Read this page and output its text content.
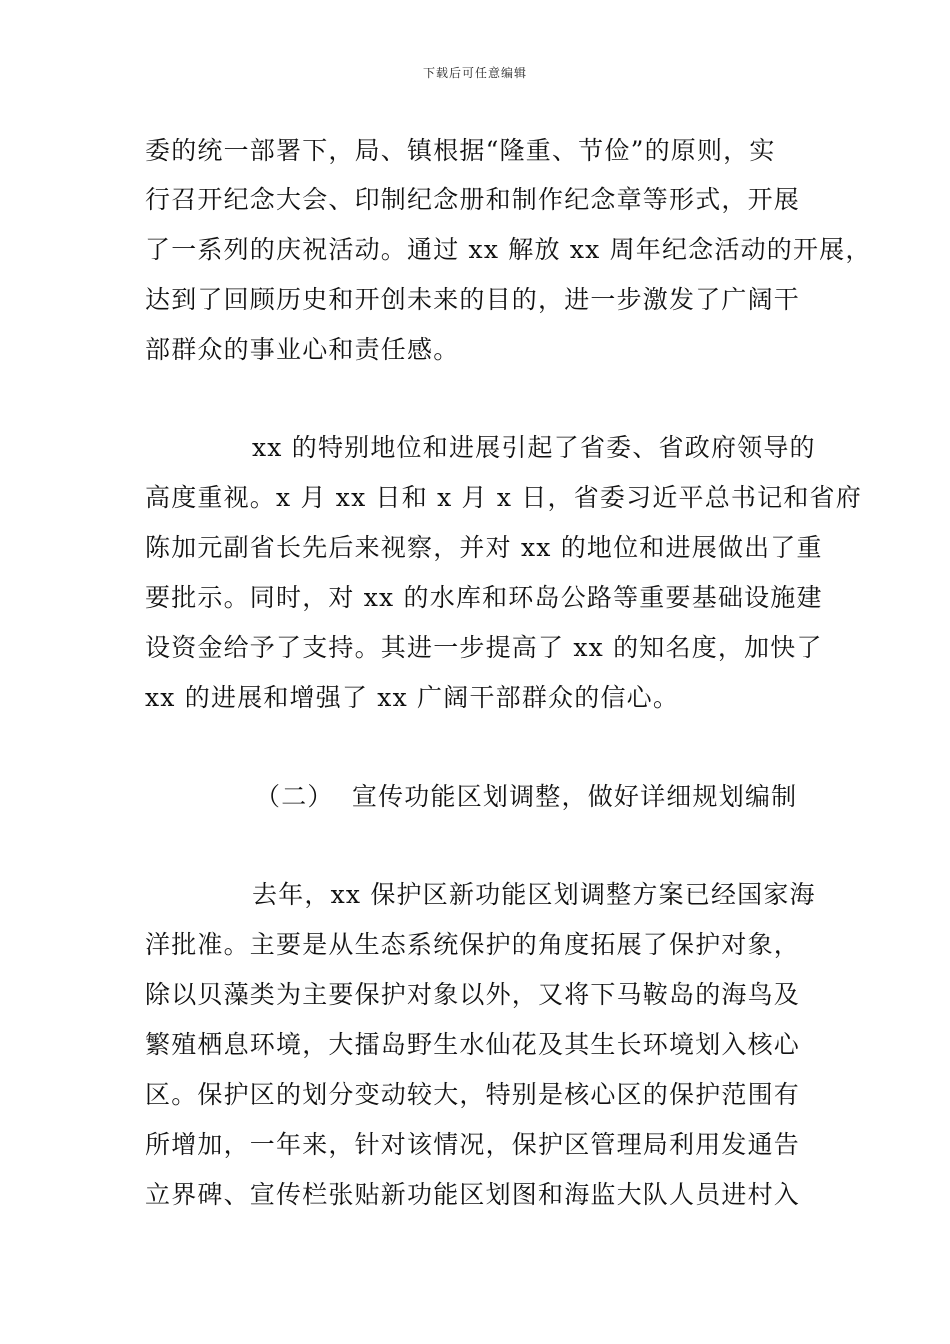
下载后可任意编辑
委的统一部署下，局、镇根据“隆重、节俭”的原则，实
行召开纪念大会、印制纪念册和制作纪念章等形式，开展
了一系列的庆祝活动。通过 xx 解放 xx 周年纪念活动的开展，
达到了回顾历史和开创未来的目的，进一步激发了广阔干
部群众的事业心和责任感。
xx 的特别地位和进展引起了省委、省政府领导的
高度重视。x 月 xx 日和 x 月 x 日，省委习近平总书记和省府
陈加元副省长先后来视察，并对 xx 的地位和进展做出了重
要批示。同时，对 xx 的水库和环岛公路等重要基础设施建
设资金给予了支持。其进一步提高了 xx 的知名度，加快了
xx 的进展和增强了 xx 广阔干部群众的信心。
（二）  宣传功能区划调整，做好详细规划编制
去年，xx 保护区新功能区划调整方案已经国家海
洋批准。主要是从生态系统保护的角度拓展了保护对象，
除以贝藻类为主要保护对象以外，又将下马鞍岛的海鸟及
繁殖栖息环境，大擂岛野生水仙花及其生长环境划入核心
区。保护区的划分变动较大，特别是核心区的保护范围有
所增加，一年来，针对该情况，保护区管理局利用发通告
立界碑、宣传栏张贴新功能区划图和海监大队人员进村入
